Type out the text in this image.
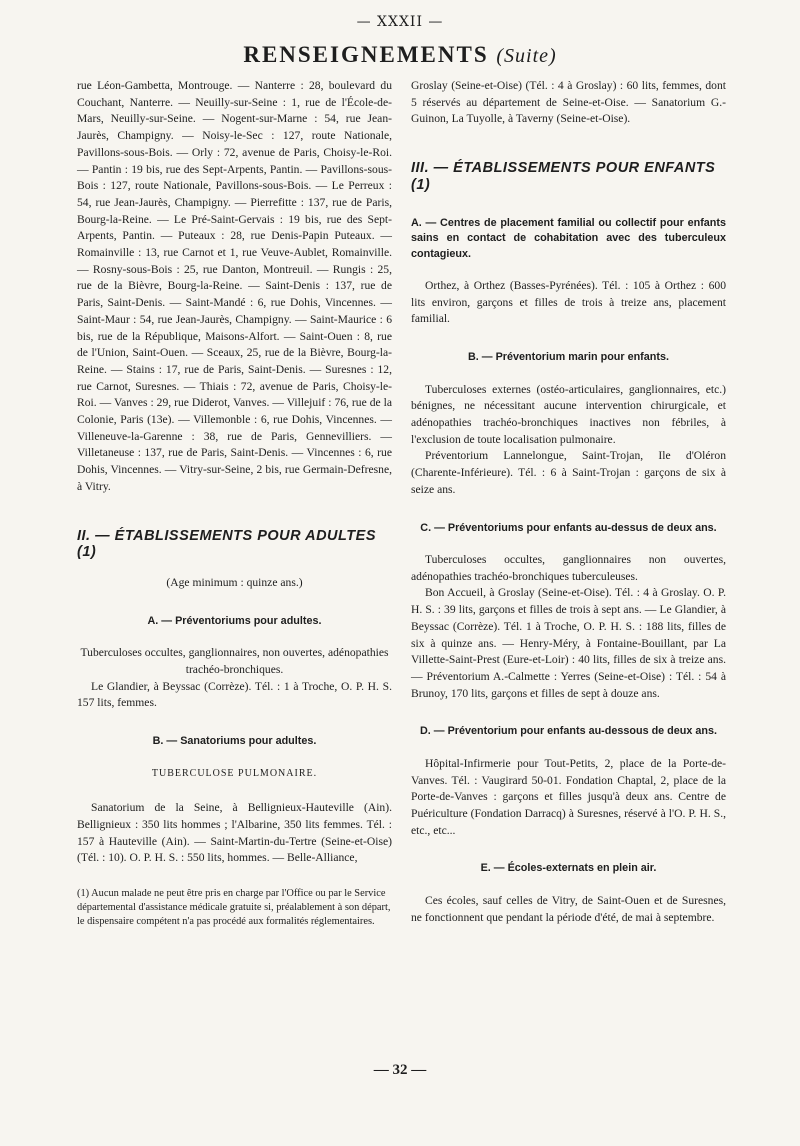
— XXXII —
RENSEIGNEMENTS (Suite)

rue Léon-Gambetta, Montrouge. — Nanterre : 28, boulevard du Couchant, Nanterre. — Neuilly-sur-Seine : 1, rue de l'École-de-Mars, Neuilly-sur-Seine. — Nogent-sur-Marne : 54, rue Jean-Jaurès, Champigny. — Noisy-le-Sec : 127, route Nationale, Pavillons-sous-Bois. — Orly : 72, avenue de Paris, Choisy-le-Roi. — Pantin : 19 bis, rue des Sept-Arpents, Pantin. — Pavillons-sous-Bois : 127, route Nationale, Pavillons-sous-Bois. — Le Perreux : 54, rue Jean-Jaurès, Champigny. — Pierrefitte : 137, rue de Paris, Bourg-la-Reine. — Le Pré-Saint-Gervais : 19 bis, rue des Sept-Arpents, Pantin. — Puteaux : 28, rue Denis-Papin Puteaux. — Romainville : 13, rue Carnot et 1, rue Veuve-Aublet, Romainville. — Rosny-sous-Bois : 25, rue Danton, Montreuil. — Rungis : 25, rue de la Bièvre, Bourg-la-Reine. — Saint-Denis : 137, rue de Paris, Saint-Denis. — Saint-Mandé : 6, rue Dohis, Vincennes. — Saint-Maur : 54, rue Jean-Jaurès, Champigny. — Saint-Maurice : 6 bis, rue de la République, Maisons-Alfort. — Saint-Ouen : 8, rue de l'Union, Saint-Ouen. — Sceaux, 25, rue de la Bièvre, Bourg-la-Reine. — Stains : 17, rue de Paris, Saint-Denis. — Suresnes : 12, rue Carnot, Suresnes. — Thiais : 72, avenue de Paris, Choisy-le-Roi. — Vanves : 29, rue Diderot, Vanves. — Villejuif : 76, rue de la Colonie, Paris (13e). — Villemonble : 6, rue Dohis, Vincennes. — Villeneuve-la-Garenne : 38, rue de Paris, Gennevilliers. — Villetaneuse : 137, rue de Paris, Saint-Denis. — Vincennes : 6, rue Dohis, Vincennes. — Vitry-sur-Seine, 2 bis, rue Germain-Defresne, à Vitry.

II. — ÉTABLISSEMENTS POUR ADULTES (1)

(Age minimum : quinze ans.)

A. — Préventoriums pour adultes.

Tuberculoses occultes, ganglionnaires, non ouvertes, adénopathies trachéo-bronchiques.

Le Glandier, à Beyssac (Corrèze). Tél. : 1 à Troche, O. P. H. S. 157 lits, femmes.

B. — Sanatoriums pour adultes.
TUBERCULOSE PULMONAIRE.

Sanatorium de la Seine, à Bellignieux-Hauteville (Ain). Bellignieux : 350 lits hommes ; l'Albarine, 350 lits femmes. Tél. : 157 à Hauteville (Ain). — Saint-Martin-du-Tertre (Seine-et-Oise) (Tél. : 10). O. P. H. S. : 550 lits, hommes. — Belle-Alliance,

(1) Aucun malade ne peut être pris en charge par l'Office ou par le Service départemental d'assistance médicale gratuite si, préalablement à son départ, le dispensaire compétent n'a pas procédé aux formalités réglementaires.

Groslay (Seine-et-Oise) (Tél. : 4 à Groslay) : 60 lits, femmes, dont 5 réservés au département de Seine-et-Oise. — Sanatorium G.-Guinon, La Tuyolle, à Taverny (Seine-et-Oise).

III. — ÉTABLISSEMENTS POUR ENFANTS (1)
A. — Centres de placement familial ou collectif pour enfants sains en contact de cohabitation avec des tuberculeux contagieux.

Orthez, à Orthez (Basses-Pyrénées). Tél. : 105 à Orthez : 600 lits environ, garçons et filles de trois à treize ans, placement familial.

B. — Préventorium marin pour enfants.

Tuberculoses externes (ostéo-articulaires, ganglionnaires, etc.) bénignes, ne nécessitant aucune intervention chirurgicale, et adénopathies trachéo-bronchiques inactives non fébriles, à l'exclusion de toute localisation pulmonaire.

Préventorium Lannelongue, Saint-Trojan, Ile d'Oléron (Charente-Inférieure). Tél. : 6 à Saint-Trojan : garçons de six à seize ans.

C. — Préventoriums pour enfants au-dessus de deux ans.

Tuberculoses occultes, ganglionnaires non ouvertes, adénopathies trachéo-bronchiques tuberculeuses.

Bon Accueil, à Groslay (Seine-et-Oise). Tél. : 4 à Groslay. O. P. H. S. : 39 lits, garçons et filles de trois à sept ans. — Le Glandier, à Beyssac (Corrèze). Tél. 1 à Troche, O. P. H. S. : 188 lits, filles de six à quinze ans. — Henry-Méry, à Fontaine-Bouillant, par La Villette-Saint-Prest (Eure-et-Loir) : 40 lits, filles de six à treize ans. — Préventorium A.-Calmette : Yerres (Seine-et-Oise) : Tél. : 54 à Brunoy, 170 lits, garçons et filles de sept à douze ans.

D. — Préventorium pour enfants au-dessous de deux ans.

Hôpital-Infirmerie pour Tout-Petits, 2, place de la Porte-de-Vanves. Tél. : Vaugirard 50-01. Fondation Chaptal, 2, place de la Porte-de-Vanves : garçons et filles jusqu'à deux ans. Centre de Puériculture (Fondation Darracq) à Suresnes, réservé à l'O. P. H. S., etc., etc...

E. — Écoles-externats en plein air.

Ces écoles, sauf celles de Vitry, de Saint-Ouen et de Suresnes, ne fonctionnent que pendant la période d'été, de mai à septembre.

— 32 —
